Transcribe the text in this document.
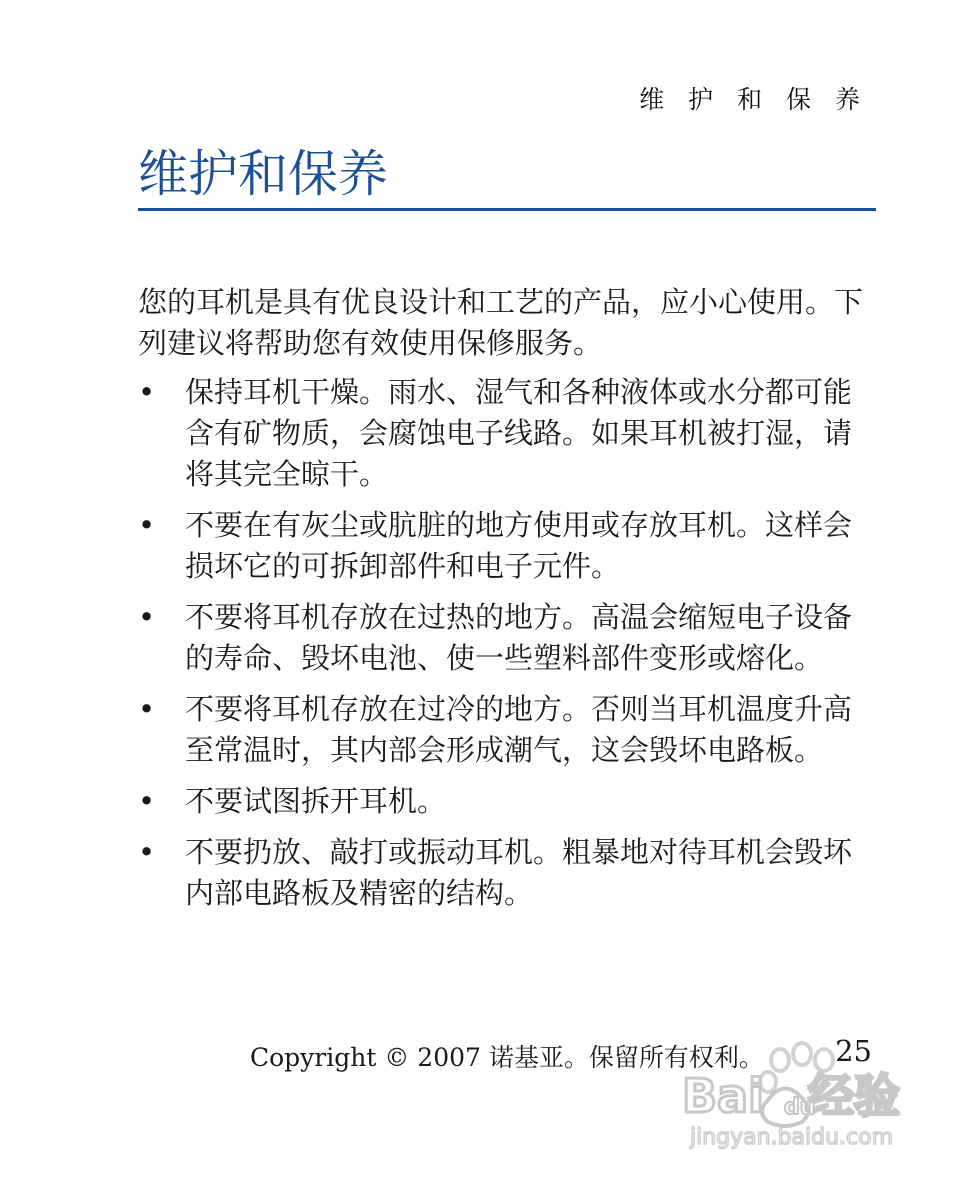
维 护 和 保 养
维护和保养

您的耳机是具有优良设计和工艺的产品，应小心使用。下列建议将帮助您有效使用保修服务。

• 保持耳机干燥。雨水、湿气和各种液体或水分都可能含有矿物质，会腐蚀电子线路。如果耳机被打湿，请将其完全晾干。
• 不要在有灰尘或肮脏的地方使用或存放耳机。这样会损坏它的可拆卸部件和电子元件。
• 不要将耳机存放在过热的地方。高温会缩短电子设备的寿命、毁坏电池、使一些塑料部件变形或熔化。
• 不要将耳机存放在过冷的地方。否则当耳机温度升高至常温时，其内部会形成潮气，这会毁坏电路板。
• 不要试图拆开耳机。
• 不要扔放、敲打或振动耳机。粗暴地对待耳机会毁坏内部电路板及精密的结构。
Copyright © 2007 诺基亚。保留所有权利。 25
Bai 经验
du
jingyan.baidu.com
